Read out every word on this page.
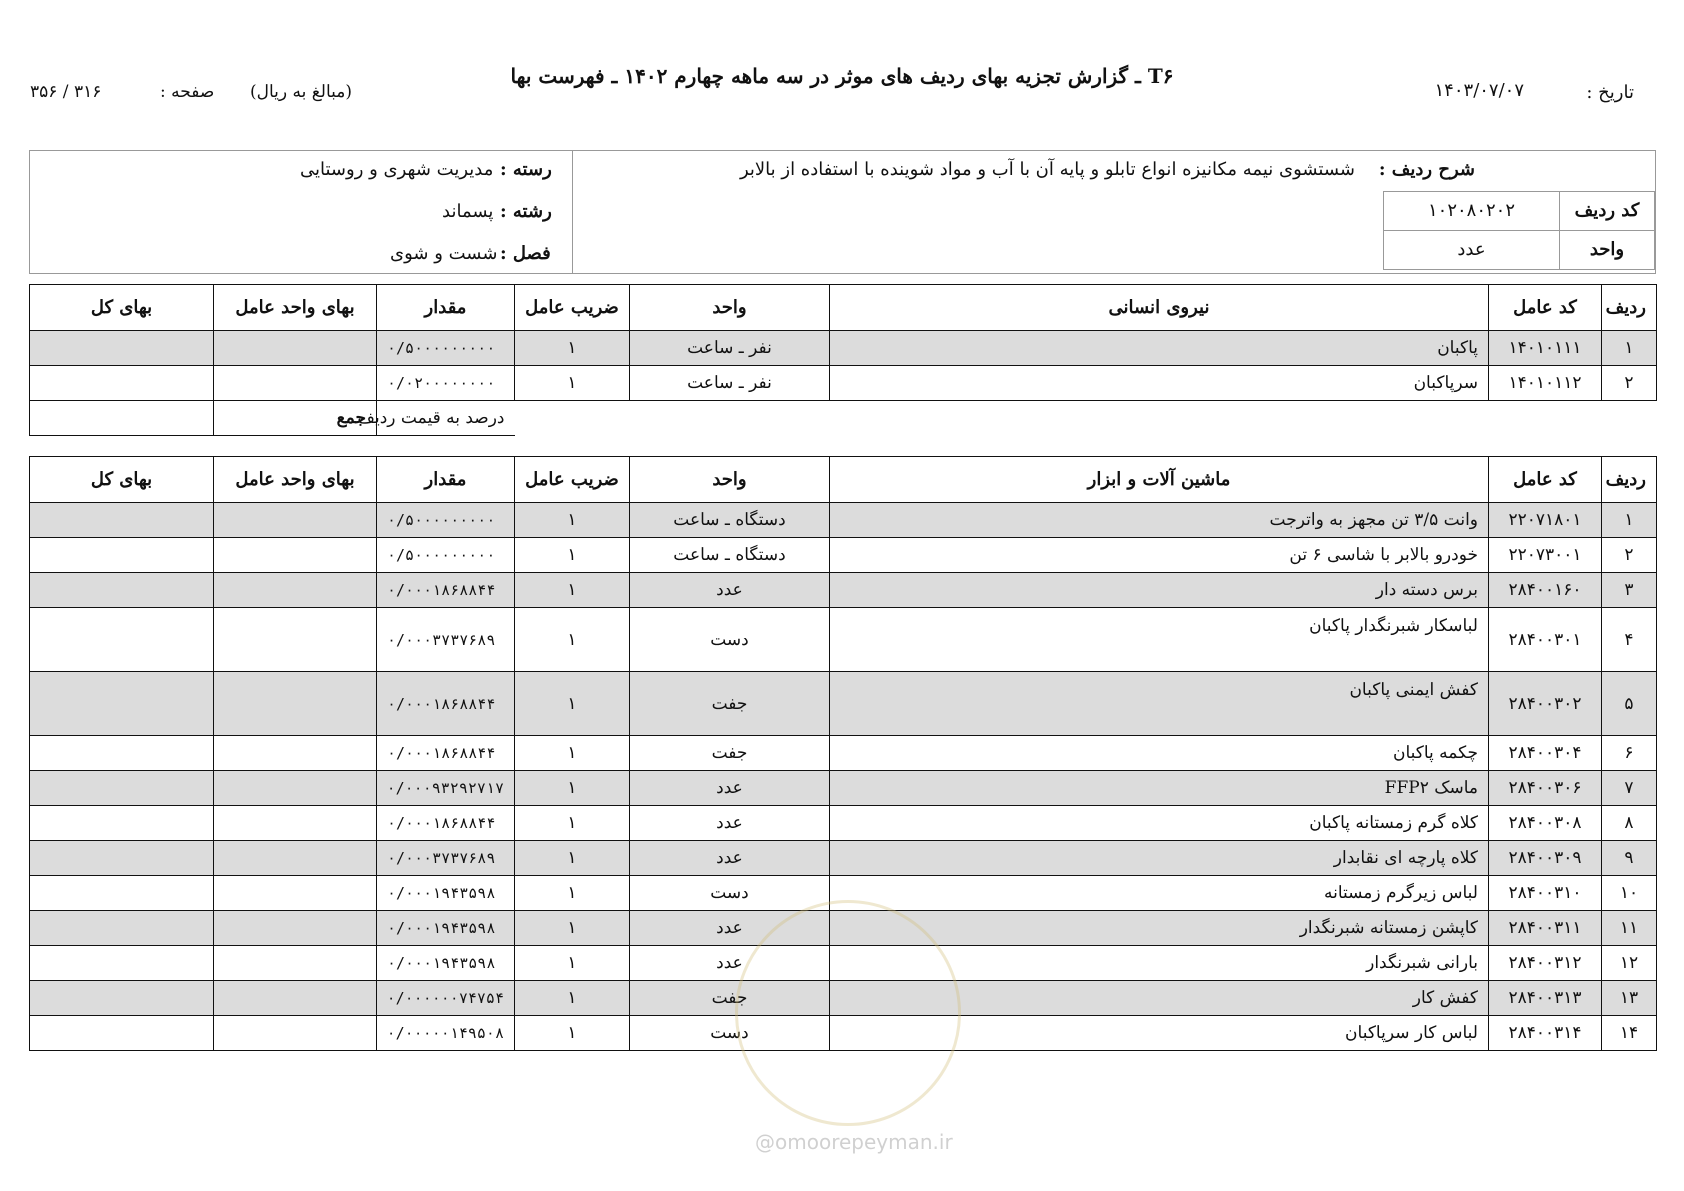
T۶ ـ گزارش تجزیه بهای ردیف های موثر در سه ماهه چهارم ۱۴۰۲ ـ فهرست بها
تاریخ :
۱۴۰۳/۰۷/۰۷
(مبالغ به ریال)
صفحه :
۳۱۶ / ۳۵۶
شرح ردیف :
شستشوی نیمه مکانیزه انواع تابلو و پایه آن با آب و مواد شوینده با استفاده از بالابر
کد ردیف
۱۰۲۰۸۰۲۰۲
واحد
عدد
رسته :
مدیریت شهری و روستایی
رشته :
پسماند
فصل :
شست و شوی
ردیف	کد عامل	نیروی انسانی	واحد	ضریب عامل	مقدار	بهای واحد عامل	بهای کل
۱	۱۴۰۱۰۱۱۱	پاکبان	نفر ـ ساعت	۱	۰/۵۰۰۰۰۰۰۰۰۰		
۲	۱۴۰۱۰۱۱۲	سرپاکبان	نفر ـ ساعت	۱	۰/۰۲۰۰۰۰۰۰۰۰		
					درصد به قیمت ردیف	جمع	
ردیف	کد عامل	ماشین آلات و ابزار	واحد	ضریب عامل	مقدار	بهای واحد عامل	بهای کل
۱	۲۲۰۷۱۸۰۱	وانت ۳/۵ تن مجهز به واترجت	دستگاه ـ ساعت	۱	۰/۵۰۰۰۰۰۰۰۰۰		
۲	۲۲۰۷۳۰۰۱	خودرو بالابر با شاسی ۶ تن	دستگاه ـ ساعت	۱	۰/۵۰۰۰۰۰۰۰۰۰		
۳	۲۸۴۰۰۱۶۰	برس دسته دار	عدد	۱	۰/۰۰۰۱۸۶۸۸۴۴		
۴	۲۸۴۰۰۳۰۱	لباسکار شبرنگدار پاکبان	دست	۱	۰/۰۰۰۳۷۳۷۶۸۹		
۵	۲۸۴۰۰۳۰۲	کفش ایمنی پاکبان	جفت	۱	۰/۰۰۰۱۸۶۸۸۴۴		
۶	۲۸۴۰۰۳۰۴	چکمه پاکبان	جفت	۱	۰/۰۰۰۱۸۶۸۸۴۴		
۷	۲۸۴۰۰۳۰۶	ماسک FFP۲	عدد	۱	۰/۰۰۰۹۳۲۹۲۷۱۷		
۸	۲۸۴۰۰۳۰۸	کلاه گرم زمستانه پاکبان	عدد	۱	۰/۰۰۰۱۸۶۸۸۴۴		
۹	۲۸۴۰۰۳۰۹	کلاه پارچه ای نقابدار	عدد	۱	۰/۰۰۰۳۷۳۷۶۸۹		
۱۰	۲۸۴۰۰۳۱۰	لباس زیرگرم زمستانه	دست	۱	۰/۰۰۰۱۹۴۳۵۹۸		
۱۱	۲۸۴۰۰۳۱۱	کاپشن زمستانه شبرنگدار	عدد	۱	۰/۰۰۰۱۹۴۳۵۹۸		
۱۲	۲۸۴۰۰۳۱۲	بارانی شبرنگدار	عدد	۱	۰/۰۰۰۱۹۴۳۵۹۸		
۱۳	۲۸۴۰۰۳۱۳	کفش کار	جفت	۱	۰/۰۰۰۰۰۰۷۴۷۵۴		
۱۴	۲۸۴۰۰۳۱۴	لباس کار سرپاکبان	دست	۱	۰/۰۰۰۰۰۱۴۹۵۰۸		
@omoorepeyman.ir
